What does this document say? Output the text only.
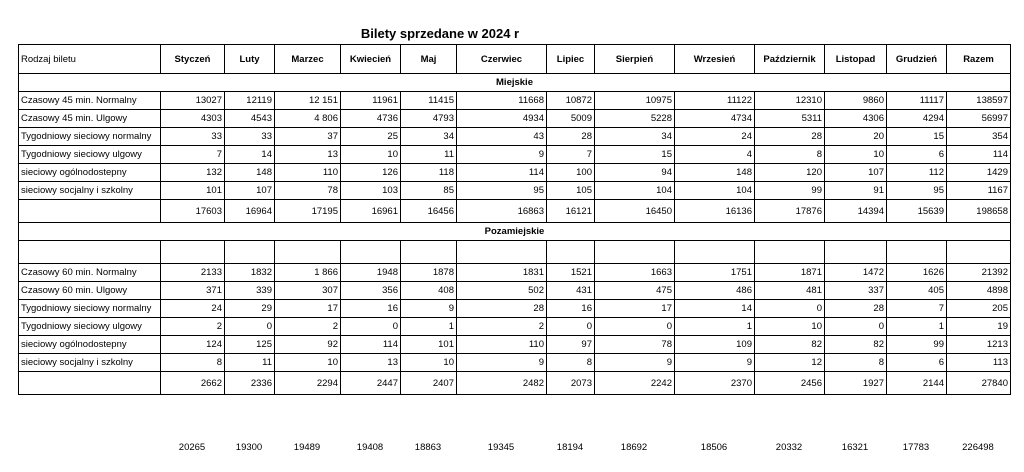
Bilety sprzedane w 2024 r
Rodzaj biletu	Styczeń	Luty	Marzec	Kwiecień	Maj	Czerwiec	Lipiec	Sierpień	Wrzesień	Październik	Listopad	Grudzień	Razem
Miejskie													
Czasowy 45 min. Normalny	13027	12119	12 151	11961	11415	11668	10872	10975	11122	12310	9860	11117	138597
Czasowy 45 min. Ulgowy	4303	4543	4 806	4736	4793	4934	5009	5228	4734	5311	4306	4294	56997
Tygodniowy sieciowy normalny	33	33	37	25	34	43	28	34	24	28	20	15	354
Tygodniowy sieciowy ulgowy	7	14	13	10	11	9	7	15	4	8	10	6	114
sieciowy ogólnodostepny	132	148	110	126	118	114	100	94	148	120	107	112	1429
sieciowy socjalny i szkolny	101	107	78	103	85	95	105	104	104	99	91	95	1167
	17603	16964	17195	16961	16456	16863	16121	16450	16136	17876	14394	15639	198658
Pozamiejskie													

Czasowy 60 min. Normalny	2133	1832	1 866	1948	1878	1831	1521	1663	1751	1871	1472	1626	21392
Czasowy 60 min. Ulgowy	371	339	307	356	408	502	431	475	486	481	337	405	4898
Tygodniowy sieciowy normalny	24	29	17	16	9	28	16	17	14	0	28	7	205
Tygodniowy sieciowy ulgowy	2	0	2	0	1	2	0	0	1	10	0	1	19
sieciowy ogólnodostepny	124	125	92	114	101	110	97	78	109	82	82	99	1213
sieciowy socjalny i szkolny	8	11	10	13	10	9	8	9	9	12	8	6	113
	2662	2336	2294	2447	2407	2482	2073	2242	2370	2456	1927	2144	27840
	20265	19300	19489	19408	18863	19345	18194	18692	18506	20332	16321	17783	226498
